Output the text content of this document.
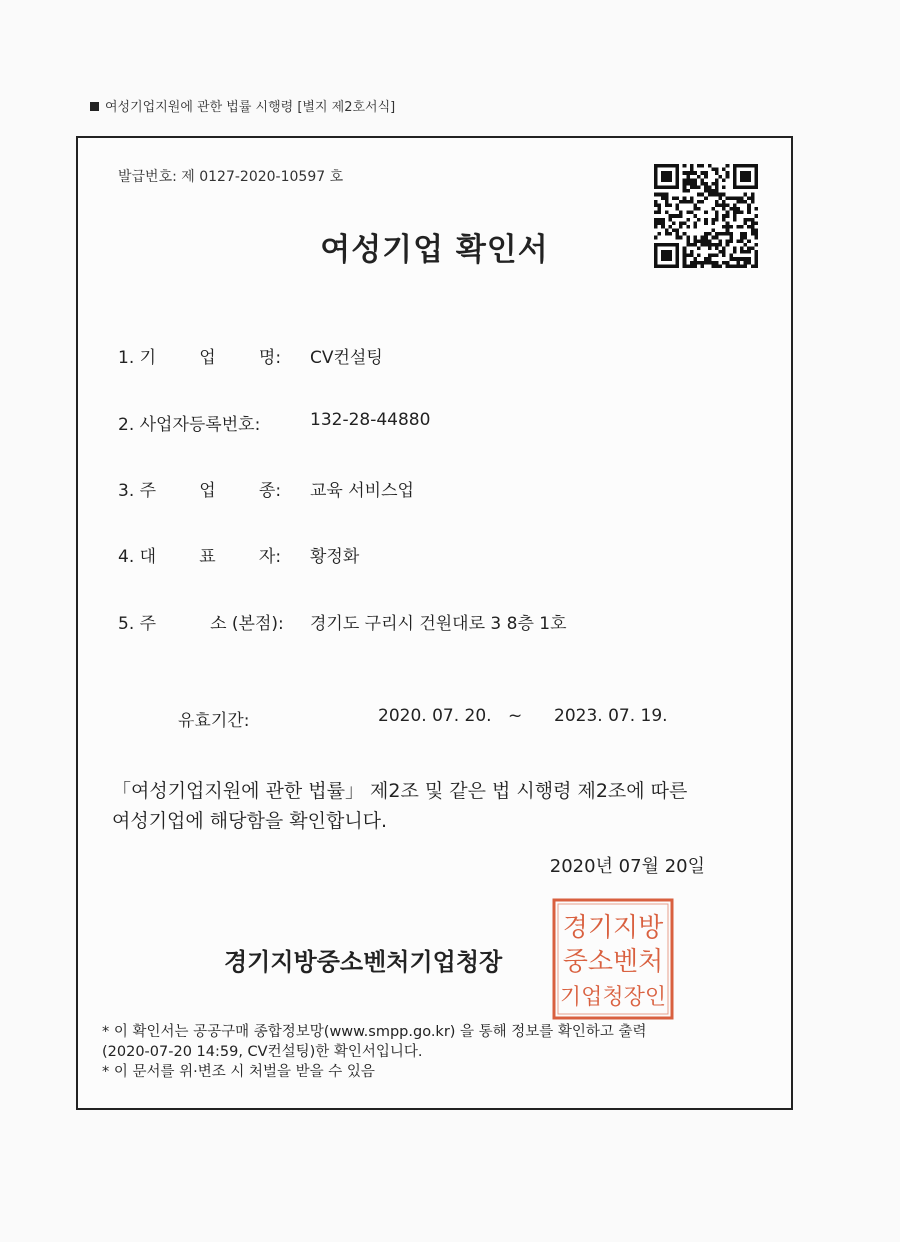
여성기업지원에 관한 법률 시행령 [별지 제2호서식]
발급번호: 제 0127-2020-10597 호
여성기업 확인서
1. 기        업        명: CV컨설팅
2. 사업자등록번호:	132-28-44880
3. 주        업        종: 교육 서비스업
4. 대        표        자: 황정화
5. 주          소 (본점): 경기도 구리시 건원대로 3 8층 1호
유효기간:	2020. 07. 20. ~ 2023. 07. 19.
「여성기업지원에 관한 법률」 제2조 및 같은 법 시행령 제2조에 따른
여성기업에 해당함을 확인합니다.
2020년 07월 20일
경기지방
중소벤처
기업청장인
경기지방중소벤처기업청장
* 이 확인서는 공공구매 종합정보망(www.smpp.go.kr) 을 통해 정보를 확인하고 출력
(2020-07-20 14:59, CV컨설팅)한 확인서입니다.
* 이 문서를 위·변조 시 처벌을 받을 수 있음
